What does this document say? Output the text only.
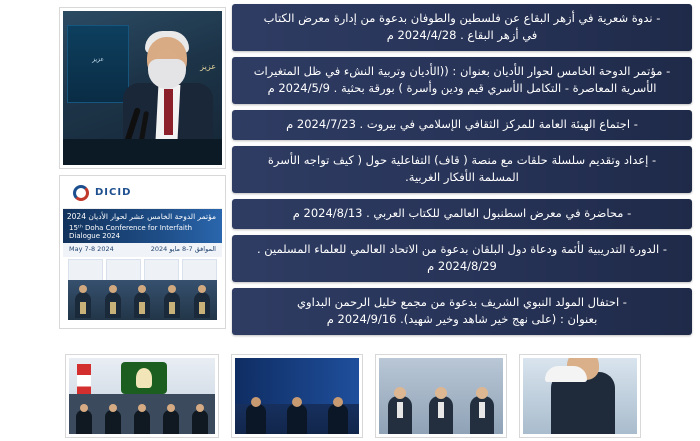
عزيز
عزيز
DICID
مؤتمر الدوحة الخامس عشر لحوار الأديان 2024
15ᵗʰ Doha Conference for Interfaith Dialogue 2024
May 7-8 2024	الموافق 7-8 مايو 2024
- ندوة شعرية في أزهر البقاع عن فلسطين والطوفان بدعوة من إدارة معرض الكتاب
في أزهر البقاع . 2024/4/28 م
- مؤتمر الدوحة الخامس لحوار الأديان بعنوان : ((الأديان وتربية النشء في ظل المتغيرات
الأسرية المعاصرة - التكامل الأسري قيم ودين وأسرة ) بورقة بحثية . 2024/5/9 م
- اجتماع الهيئة العامة للمركز الثقافي الإسلامي في بيروت . 2024/7/23 م
- إعداد وتقديم سلسلة حلقات مع منصة ( قاف) التفاعلية حول ( كيف تواجه الأسرة المسلمة الأفكار الغربية.
- محاضرة في معرض اسطنبول العالمي للكتاب العربي . 2024/8/13 م
- الدورة التدريبية لأئمة ودعاة دول البلقان بدعوة من الاتحاد العالمي للعلماء المسلمين . 2024/8/29 م
- احتفال المولد النبوي الشريف بدعوة من مجمع خليل الرحمن البداوي
بعنوان : (على نهج خير شاهد وخير شهيد). 2024/9/16 م
